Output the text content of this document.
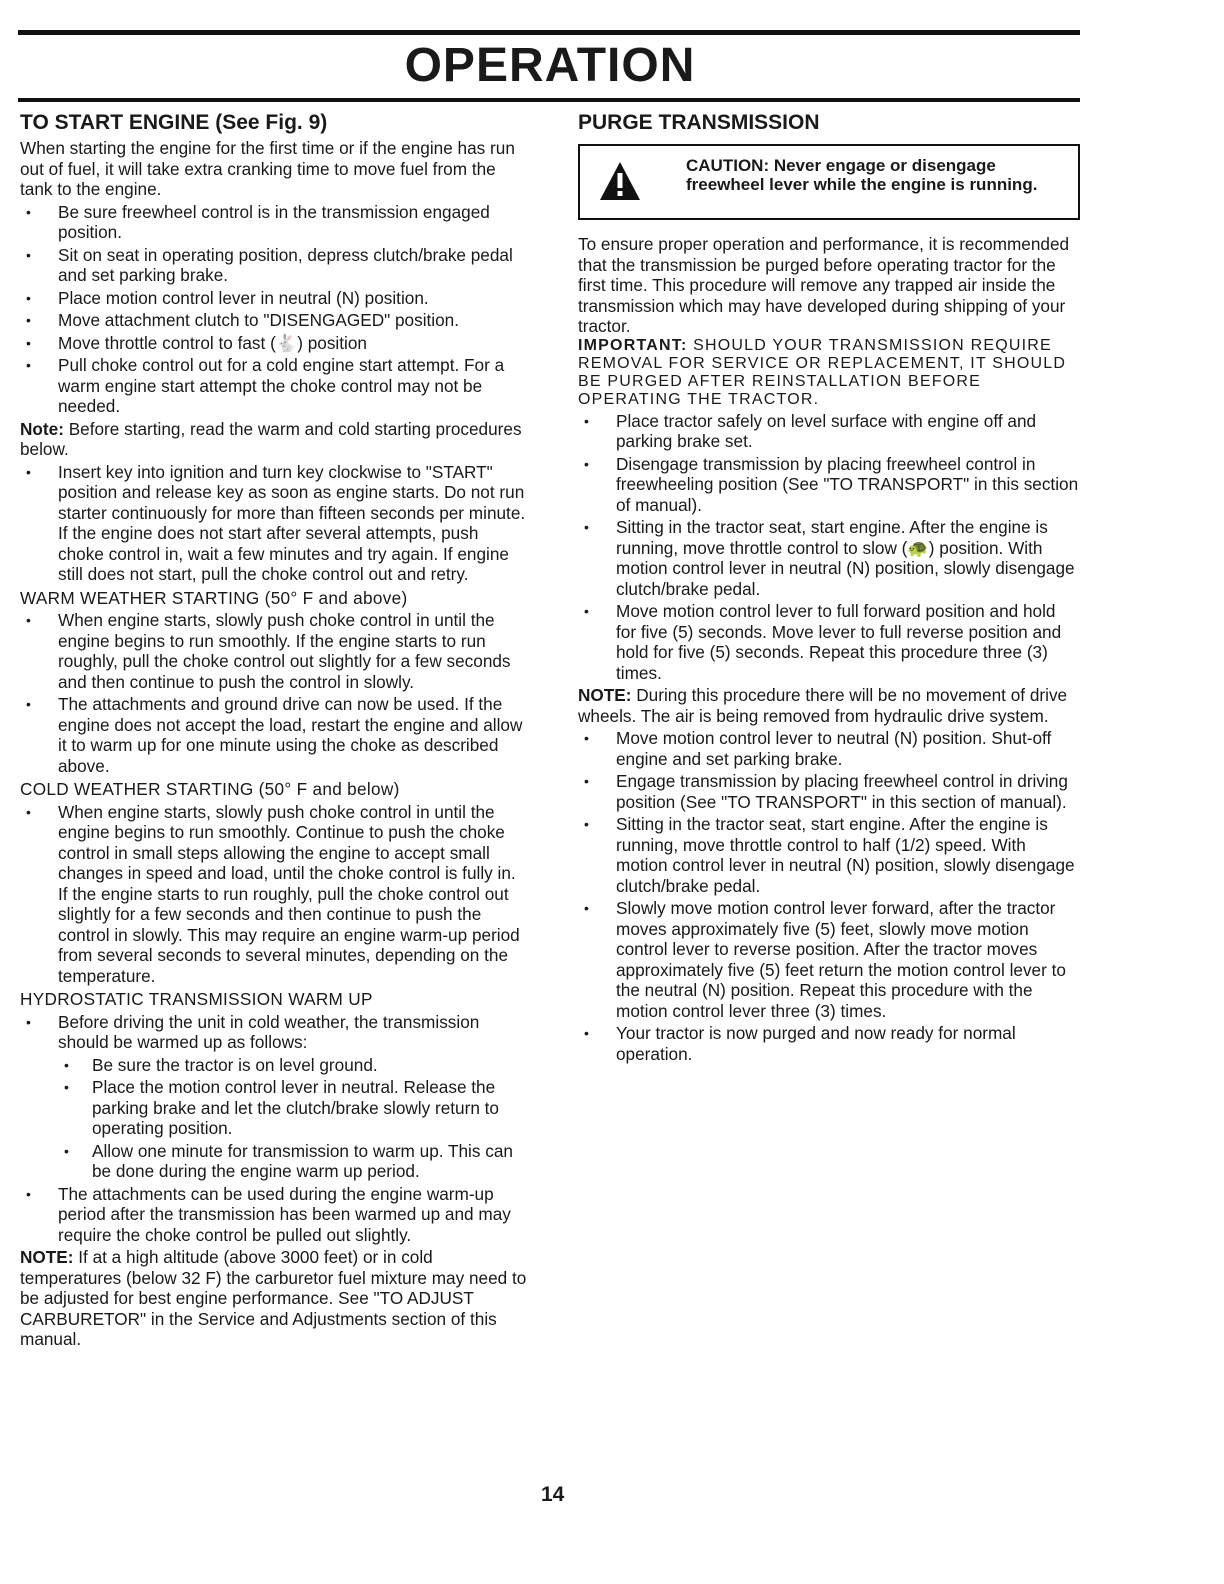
OPERATION
TO START ENGINE (See Fig. 9)

When starting the engine for the first time or if the engine has run out of fuel, it will take extra cranking time to move fuel from the tank to the engine.

• Be sure freewheel control is in the transmission engaged position.
• Sit on seat in operating position, depress clutch/brake pedal and set parking brake.
• Place motion control lever in neutral (N) position.
• Move attachment clutch to "DISENGAGED" position.
• Move throttle control to fast (🐇) position
• Pull choke control out for a cold engine start attempt. For a warm engine start attempt the choke control may not be needed.

Note: Before starting, read the warm and cold starting procedures below.

• Insert key into ignition and turn key clockwise to "START" position and release key as soon as engine starts. Do not run starter continuously for more than fifteen seconds per minute. If the engine does not start after several attempts, push choke control in, wait a few minutes and try again. If engine still does not start, pull the choke control out and retry.

WARM WEATHER STARTING (50° F and above)

• When engine starts, slowly push choke control in until the engine begins to run smoothly. If the engine starts to run roughly, pull the choke control out slightly for a few seconds and then continue to push the control in slowly.
• The attachments and ground drive can now be used. If the engine does not accept the load, restart the engine and allow it to warm up for one minute using the choke as described above.

COLD WEATHER STARTING (50° F and below)

• When engine starts, slowly push choke control in until the engine begins to run smoothly. Continue to push the choke control in small steps allowing the engine to accept small changes in speed and load, until the choke control is fully in. If the engine starts to run roughly, pull the choke control out slightly for a few seconds and then continue to push the control in slowly. This may require an engine warm-up period from several seconds to several minutes, depending on the temperature.

HYDROSTATIC TRANSMISSION WARM UP

• Before driving the unit in cold weather, the transmission should be warmed up as follows:
• Be sure the tractor is on level ground.
• Place the motion control lever in neutral. Release the parking brake and let the clutch/brake slowly return to operating position.
• Allow one minute for transmission to warm up. This can be done during the engine warm up period.
• The attachments can be used during the engine warm-up period after the transmission has been warmed up and may require the choke control be pulled out slightly.

NOTE: If at a high altitude (above 3000 feet) or in cold temperatures (below 32 F) the carburetor fuel mixture may need to be adjusted for best engine performance. See "TO ADJUST CARBURETOR" in the Service and Adjustments section of this manual.

PURGE TRANSMISSION
CAUTION: Never engage or disengage freewheel lever while the engine is running.

To ensure proper operation and performance, it is recommended that the transmission be purged before operating tractor for the first time. This procedure will remove any trapped air inside the transmission which may have developed during shipping of your tractor.

IMPORTANT: SHOULD YOUR TRANSMISSION REQUIRE REMOVAL FOR SERVICE OR REPLACEMENT, IT SHOULD BE PURGED AFTER REINSTALLATION BEFORE OPERATING THE TRACTOR.

• Place tractor safely on level surface with engine off and parking brake set.
• Disengage transmission by placing freewheel control in freewheeling position (See "TO TRANSPORT" in this section of manual).
• Sitting in the tractor seat, start engine. After the engine is running, move throttle control to slow (🐢) position. With motion control lever in neutral (N) position, slowly disengage clutch/brake pedal.
• Move motion control lever to full forward position and hold for five (5) seconds. Move lever to full reverse position and hold for five (5) seconds. Repeat this procedure three (3) times.

NOTE: During this procedure there will be no movement of drive wheels. The air is being removed from hydraulic drive system.

• Move motion control lever to neutral (N) position. Shut-off engine and set parking brake.
• Engage transmission by placing freewheel control in driving position (See "TO TRANSPORT" in this section of manual).
• Sitting in the tractor seat, start engine. After the engine is running, move throttle control to half (1/2) speed. With motion control lever in neutral (N) position, slowly disengage clutch/brake pedal.
• Slowly move motion control lever forward, after the tractor moves approximately five (5) feet, slowly move motion control lever to reverse position. After the tractor moves approximately five (5) feet return the motion control lever to the neutral (N) position. Repeat this procedure with the motion control lever three (3) times.
• Your tractor is now purged and now ready for normal operation.
14
